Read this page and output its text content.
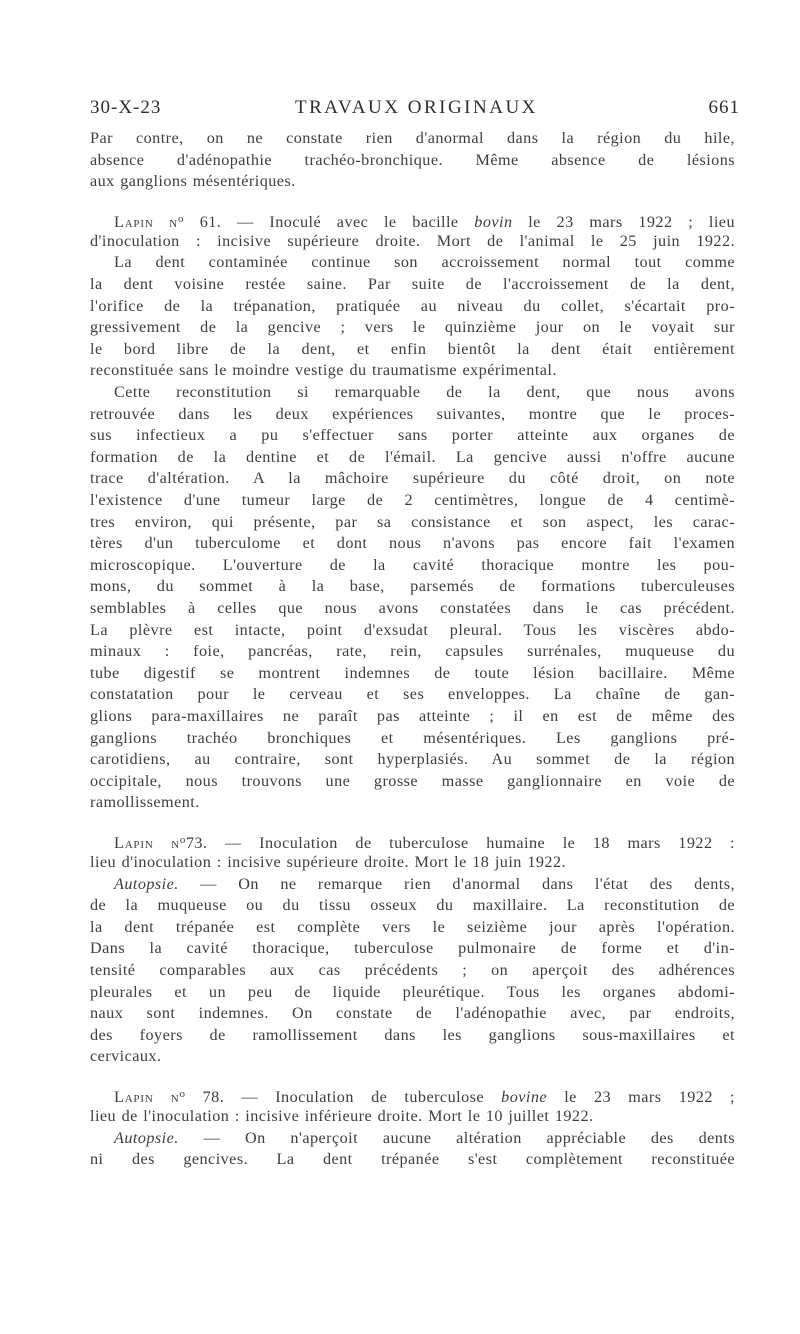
30-X-23	TRAVAUX ORIGINAUX	661
Par contre, on ne constate rien d'anormal dans la région du hile,
absence d'adénopathie trachéo-bronchique. Même absence de lésions
aux ganglions mésentériques.
Lapin $n^o$ 61. — Inoculé avec le bacille bovin le 23 mars 1922 ; lieu
d'inoculation : incisive supérieure droite. Mort de l'animal le 25 juin 1922.
La dent contaminée continue son accroissement normal tout comme
la dent voisine restée saine. Par suite de l'accroissement de la dent,
l'orifice de la trépanation, pratiquée au niveau du collet, s'écartait pro-
gressivement de la gencive ; vers le quinzième jour on le voyait sur
le bord libre de la dent, et enfin bientôt la dent était entièrement
reconstituée sans le moindre vestige du traumatisme expérimental.
Cette reconstitution si remarquable de la dent, que nous avons
retrouvée dans les deux expériences suivantes, montre que le proces-
sus infectieux a pu s'effectuer sans porter atteinte aux organes de
formation de la dentine et de l'émail. La gencive aussi n'offre aucune
trace d'altération. A la mâchoire supérieure du côté droit, on note
l'existence d'une tumeur large de 2 centimètres, longue de 4 centimè-
tres environ, qui présente, par sa consistance et son aspect, les carac-
tères d'un tuberculome et dont nous n'avons pas encore fait l'examen
microscopique. L'ouverture de la cavité thoracique montre les pou-
mons, du sommet à la base, parsemés de formations tuberculeuses
semblables à celles que nous avons constatées dans le cas précédent.
La plèvre est intacte, point d'exsudat pleural. Tous les viscères abdo-
minaux : foie, pancréas, rate, rein, capsules surrénales, muqueuse du
tube digestif se montrent indemnes de toute lésion bacillaire. Même
constatation pour le cerveau et ses enveloppes. La chaîne de gan-
glions para-maxillaires ne paraît pas atteinte ; il en est de même des
ganglions trachéo bronchiques et mésentériques. Les ganglions pré-
carotidiens, au contraire, sont hyperplasiés. Au sommet de la région
occipitale, nous trouvons une grosse masse ganglionnaire en voie de
ramollissement.
Lapin $n^o73$. — Inoculation de tuberculose humaine le 18 mars 1922 :
lieu d'inoculation : incisive supérieure droite. Mort le 18 juin 1922.
Autopsie. — On ne remarque rien d'anormal dans l'état des dents,
de la muqueuse ou du tissu osseux du maxillaire. La reconstitution de
la dent trépanée est complète vers le seizième jour après l'opération.
Dans la cavité thoracique, tuberculose pulmonaire de forme et d'in-
tensité comparables aux cas précédents ; on aperçoit des adhérences
pleurales et un peu de liquide pleurétique. Tous les organes abdomi-
naux sont indemnes. On constate de l'adénopathie avec, par endroits,
des foyers de ramollissement dans les ganglions sous-maxillaires et
cervicaux.
Lapin $n^o$ 78. — Inoculation de tuberculose bovine le 23 mars 1922 ;
lieu de l'inoculation : incisive inférieure droite. Mort le 10 juillet 1922.
Autopsie. — On n'aperçoit aucune altération appréciable des dents
ni des gencives. La dent trépanée s'est complètement reconstituée
